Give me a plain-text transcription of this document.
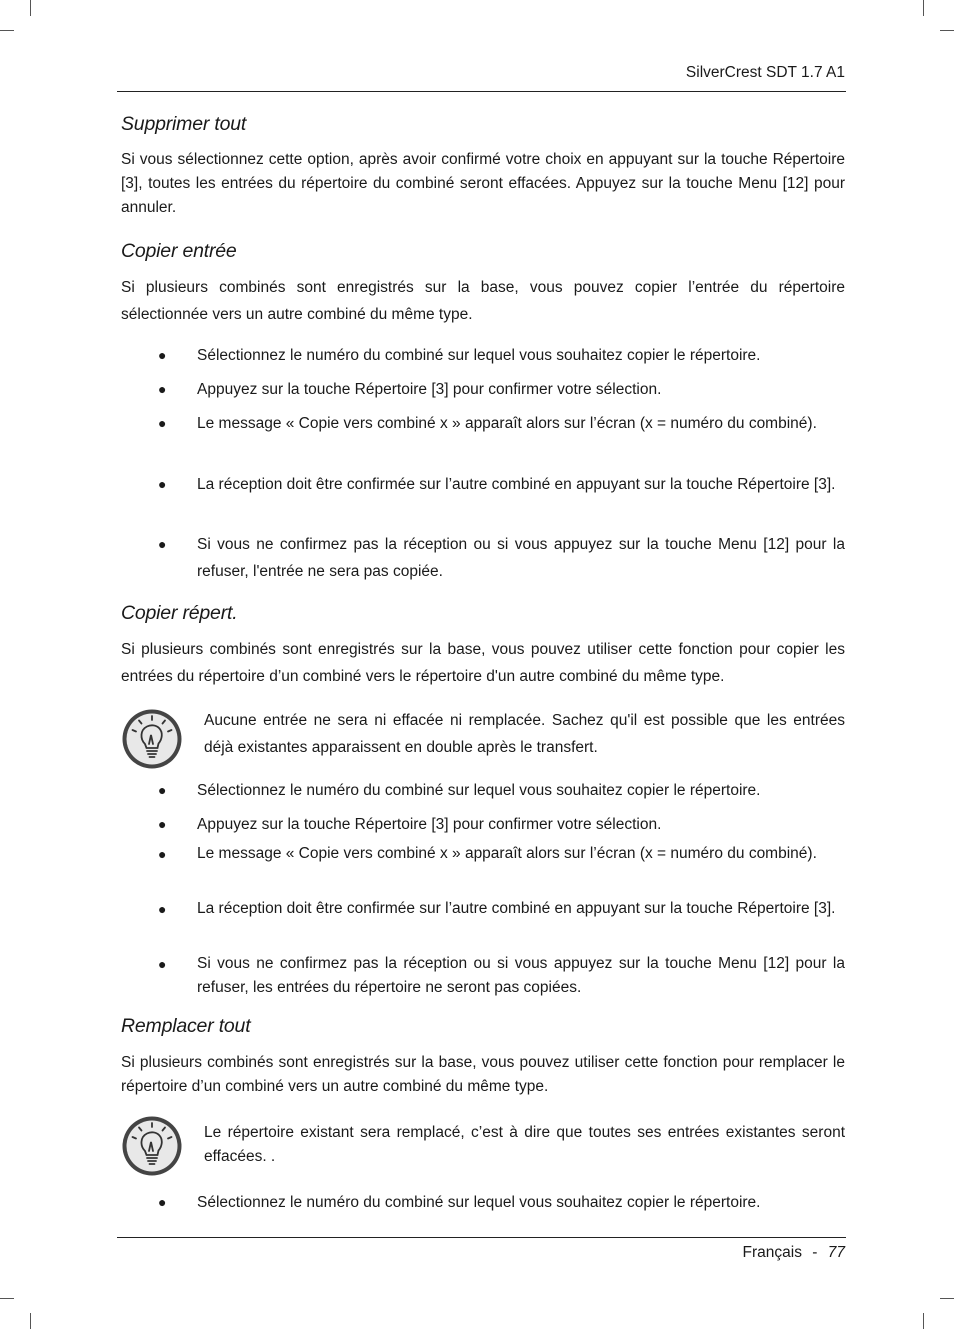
SilverCrest SDT 1.7 A1
Supprimer tout
Si vous sélectionnez cette option, après avoir confirmé votre choix en appuyant sur la touche Répertoire [3], toutes les entrées du répertoire du combiné seront effacées. Appuyez sur la touche Menu [12] pour annuler.
Copier entrée
Si plusieurs combinés sont enregistrés sur la base, vous pouvez copier l’entrée du répertoire sélectionnée vers un autre combiné du même type.
● Sélectionnez le numéro du combiné sur lequel vous souhaitez copier le répertoire.
● Appuyez sur la touche Répertoire [3] pour confirmer votre sélection.
● Le message « Copie vers combiné x » apparaît alors sur l’écran (x = numéro du combiné).
● La réception doit être confirmée sur l’autre combiné en appuyant sur la touche Répertoire [3].
● Si vous ne confirmez pas la réception ou si vous appuyez sur la touche Menu [12] pour la refuser, l'entrée ne sera pas copiée.
Copier répert.
Si plusieurs combinés sont enregistrés sur la base, vous pouvez utiliser cette fonction pour copier les entrées du répertoire d’un combiné vers le répertoire d'un autre combiné du même type.
Aucune entrée ne sera ni effacée ni remplacée. Sachez qu'il est possible que les entrées déjà existantes apparaissent en double après le transfert.
● Sélectionnez le numéro du combiné sur lequel vous souhaitez copier le répertoire.
● Appuyez sur la touche Répertoire [3] pour confirmer votre sélection.
● Le message « Copie vers combiné x » apparaît alors sur l’écran (x = numéro du combiné).
● La réception doit être confirmée sur l’autre combiné en appuyant sur la touche Répertoire [3].
● Si vous ne confirmez pas la réception ou si vous appuyez sur la touche Menu [12] pour la refuser, les entrées du répertoire ne seront pas copiées.
Remplacer tout
Si plusieurs combinés sont enregistrés sur la base, vous pouvez utiliser cette fonction pour remplacer le répertoire d’un combiné vers un autre combiné du même type.
Le répertoire existant sera remplacé, c’est à dire que toutes ses entrées existantes seront effacées. .
● Sélectionnez le numéro du combiné sur lequel vous souhaitez copier le répertoire.
Français - 77
